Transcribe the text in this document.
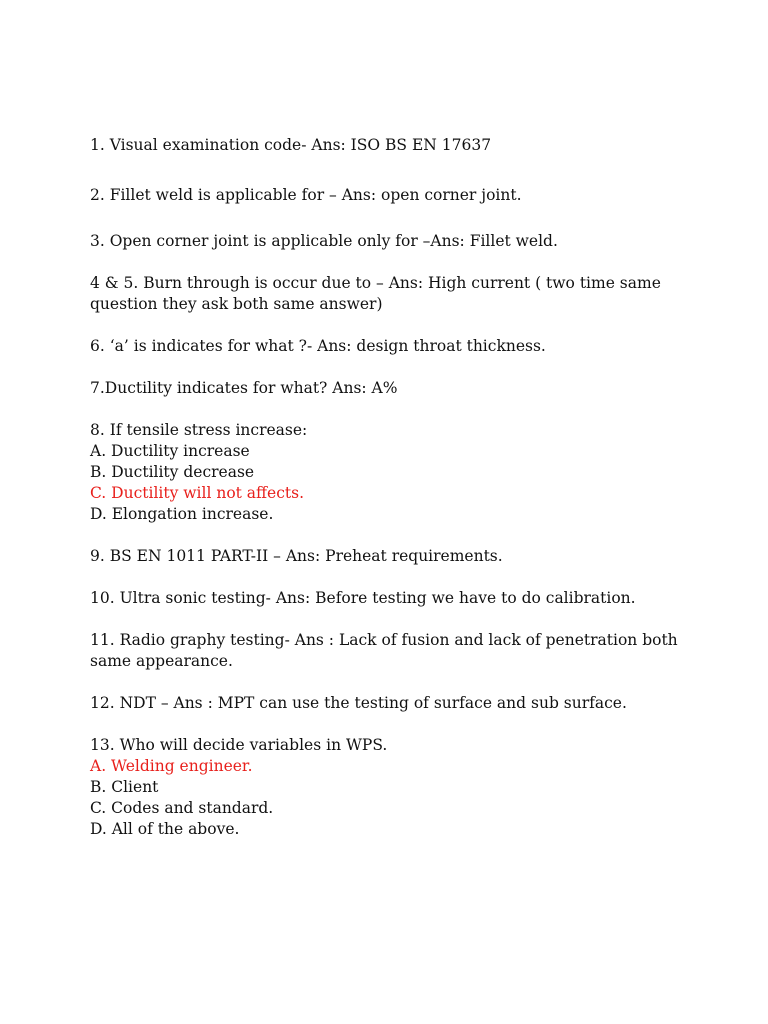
1. Visual examination code- Ans: ISO BS EN 17637

2. Fillet weld is applicable for – Ans: open corner joint.

3. Open corner joint is applicable only for –Ans: Fillet weld.

4 & 5. Burn through is occur due to – Ans: High current ( two time same
question they ask both same answer)

6. ‘a’ is indicates for what ?- Ans: design throat thickness.

7.Ductility indicates for what? Ans: A%

8. If tensile stress increase:
A. Ductility increase
B. Ductility decrease
C. Ductility will not affects.
D. Elongation increase.

9. BS EN 1011 PART-II – Ans: Preheat requirements.

10. Ultra sonic testing- Ans: Before testing we have to do calibration.

11. Radio graphy testing- Ans : Lack of fusion and lack of penetration both
same appearance.

12. NDT – Ans : MPT can use the testing of surface and sub surface.

13. Who will decide variables in WPS.
A. Welding engineer.
B. Client
C. Codes and standard.
D. All of the above.
